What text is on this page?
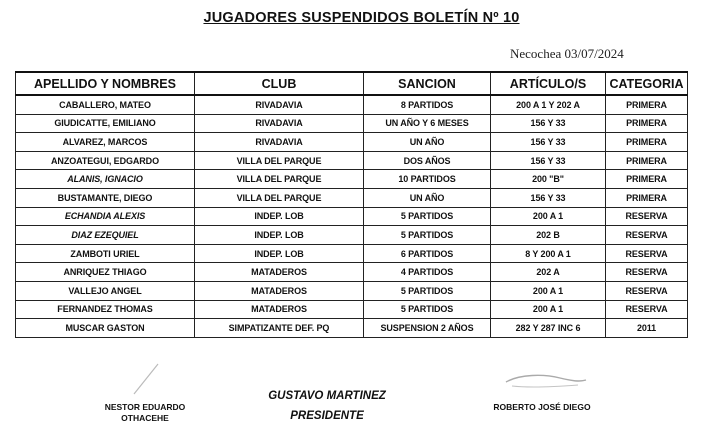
JUGADORES SUSPENDIDOS BOLETÍN Nº 10
Necochea 03/07/2024
APELLIDO Y NOMBRES	CLUB	SANCION	ARTÍCULO/S	CATEGORIA
CABALLERO, MATEO	RIVADAVIA	8 PARTIDOS	200 A 1 Y 202 A	PRIMERA
GIUDICATTE, EMILIANO	RIVADAVIA	UN AÑO Y 6 MESES	156 Y 33	PRIMERA
ALVAREZ, MARCOS	RIVADAVIA	UN AÑO	156 Y 33	PRIMERA
ANZOATEGUI, EDGARDO	VILLA DEL PARQUE	DOS AÑOS	156 Y 33	PRIMERA
ALANIS, IGNACIO	VILLA DEL PARQUE	10 PARTIDOS	200 "B"	PRIMERA
BUSTAMANTE, DIEGO	VILLA DEL PARQUE	UN AÑO	156 Y 33	PRIMERA
ECHANDIA ALEXIS	INDEP. LOB	5 PARTIDOS	200 A 1	RESERVA
DIAZ EZEQUIEL	INDEP. LOB	5 PARTIDOS	202 B	RESERVA
ZAMBOTI URIEL	INDEP. LOB	6 PARTIDOS	8 Y 200 A 1	RESERVA
ANRIQUEZ THIAGO	MATADEROS	4 PARTIDOS	202 A	RESERVA
VALLEJO ANGEL	MATADEROS	5 PARTIDOS	200 A 1	RESERVA
FERNANDEZ THOMAS	MATADEROS	5 PARTIDOS	200 A 1	RESERVA
MUSCAR GASTON	SIMPATIZANTE DEF. PQ	SUSPENSION 2 AÑOS	282 Y 287 INC 6	2011
NESTOR EDUARDO
OTHACEHE
GUSTAVO MARTINEZ
PRESIDENTE
ROBERTO JOSÉ DIEGO
